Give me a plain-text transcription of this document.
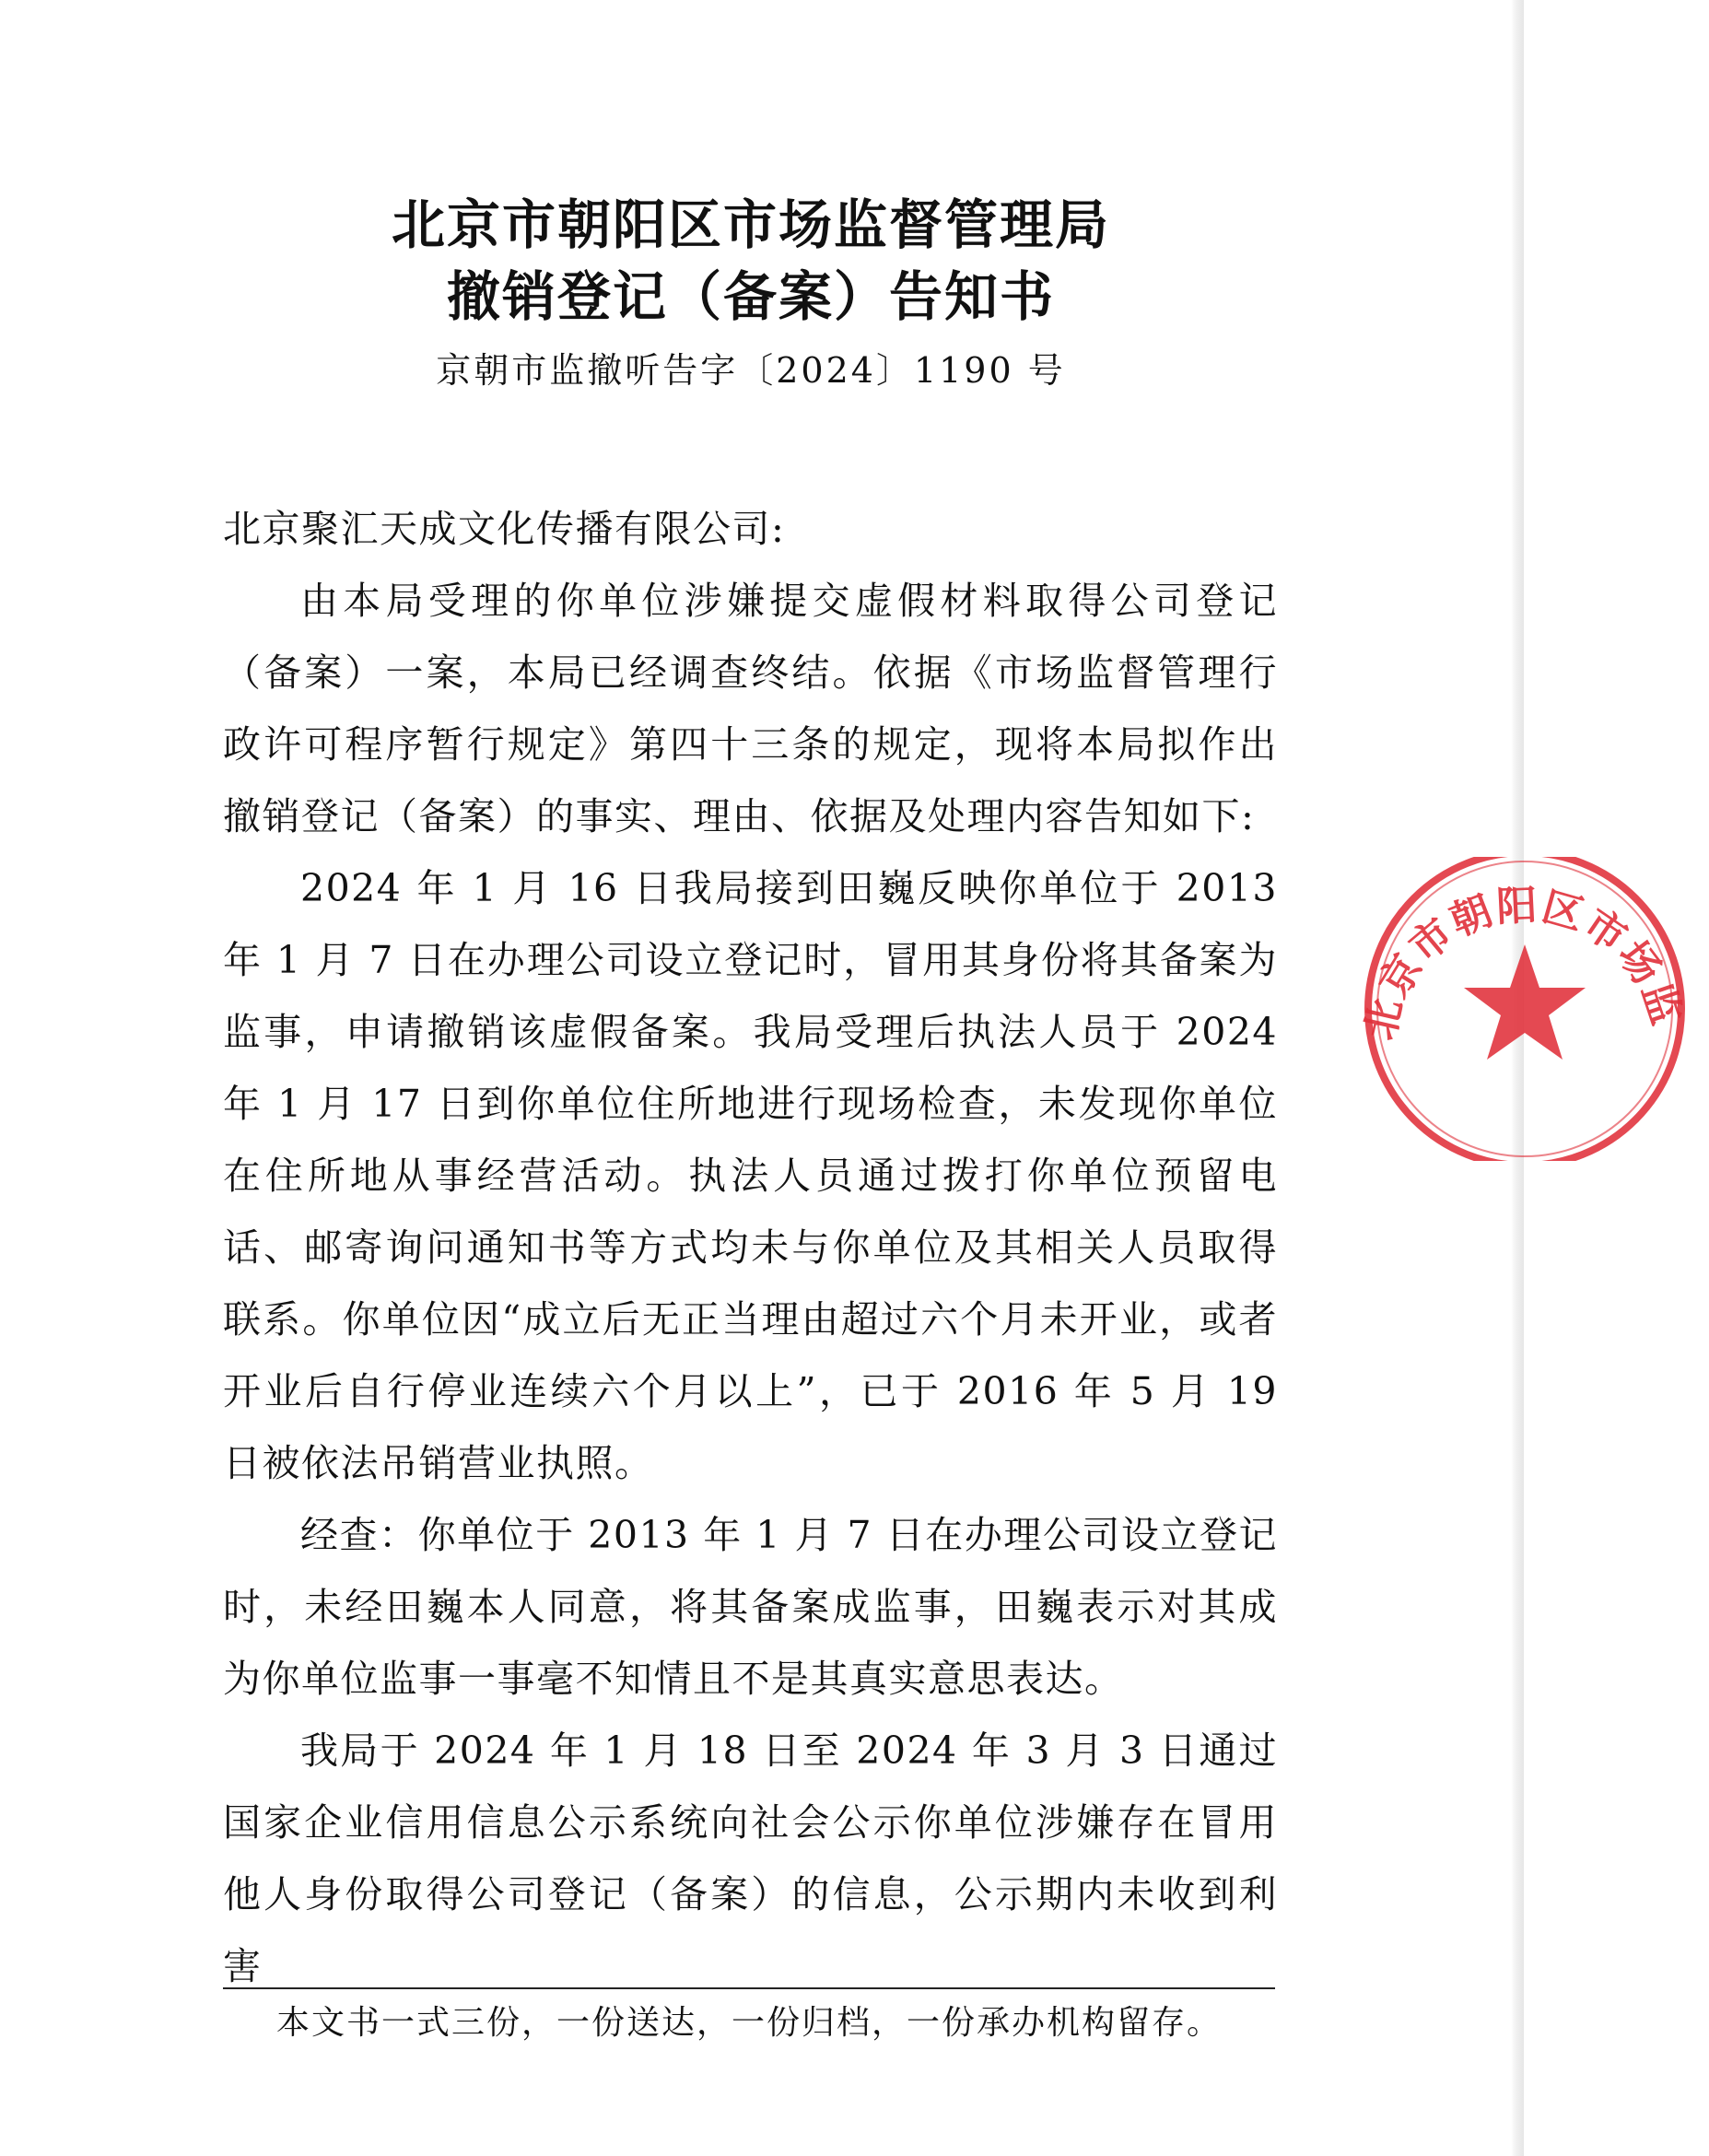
北京市朝阳区市场监督管理局
撤销登记（备案）告知书
京朝市监撤听告字〔2024〕1190 号

北京聚汇天成文化传播有限公司:

由本局受理的你单位涉嫌提交虚假材料取得公司登记（备案）一案，本局已经调查终结。依据《市场监督管理行政许可程序暂行规定》第四十三条的规定，现将本局拟作出撤销登记（备案）的事实、理由、依据及处理内容告知如下:

2024 年 1 月 16 日我局接到田巍反映你单位于 2013 年 1 月 7 日在办理公司设立登记时，冒用其身份将其备案为监事，申请撤销该虚假备案。我局受理后执法人员于 2024 年 1 月 17 日到你单位住所地进行现场检查，未发现你单位在住所地从事经营活动。执法人员通过拨打你单位预留电话、邮寄询问通知书等方式均未与你单位及其相关人员取得联系。你单位因“成立后无正当理由超过六个月未开业，或者开业后自行停业连续六个月以上”，已于 2016 年 5 月 19 日被依法吊销营业执照。

经查：你单位于 2013 年 1 月 7 日在办理公司设立登记时，未经田巍本人同意，将其备案成监事，田巍表示对其成为你单位监事一事毫不知情且不是其真实意思表达。

我局于 2024 年 1 月 18 日至 2024 年 3 月 3 日通过国家企业信用信息公示系统向社会公示你单位涉嫌存在冒用他人身份取得公司登记（备案）的信息，公示期内未收到利害

本文书一式三份，一份送达，一份归档，一份承办机构留存。
北京市朝阳区市场监
